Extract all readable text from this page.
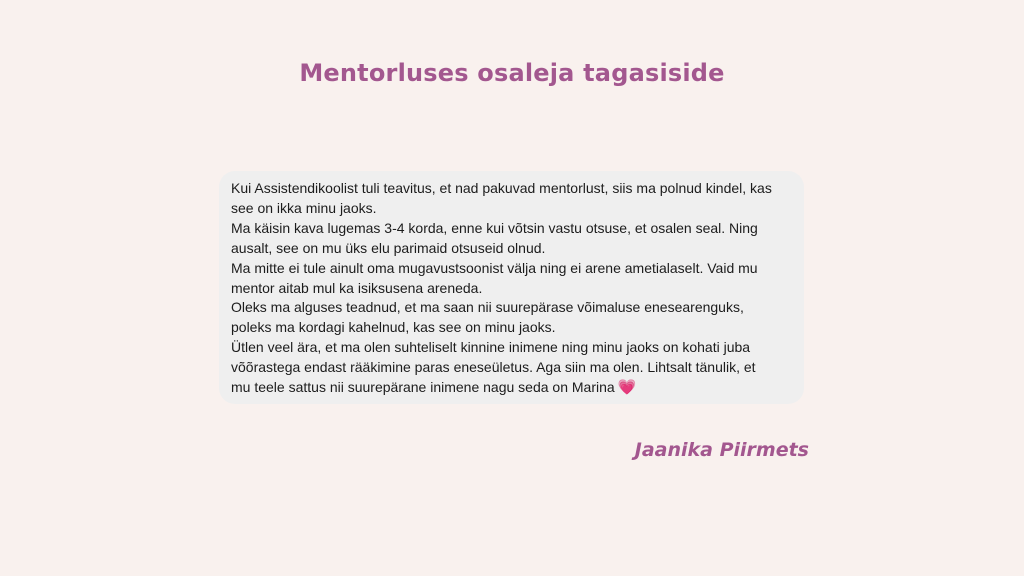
Mentorluses osaleja tagasiside
Kui Assistendikoolist tuli teavitus, et nad pakuvad mentorlust, siis ma polnud kindel, kas
see on ikka minu jaoks.
Ma käisin kava lugemas 3-4 korda, enne kui võtsin vastu otsuse, et osalen seal. Ning
ausalt, see on mu üks elu parimaid otsuseid olnud.
Ma mitte ei tule ainult oma mugavustsoonist välja ning ei arene ametialaselt. Vaid mu
mentor aitab mul ka isiksusena areneda.
Oleks ma alguses teadnud, et ma saan nii suurepärase võimaluse enesearenguks,
poleks ma kordagi kahelnud, kas see on minu jaoks.
Ütlen veel ära, et ma olen suhteliselt kinnine inimene ning minu jaoks on kohati juba
võõrastega endast rääkimine paras eneseületus. Aga siin ma olen. Lihtsalt tänulik, et
mu teele sattus nii suurepärane inimene nagu seda on Marina 💗
Jaanika Piirmets
